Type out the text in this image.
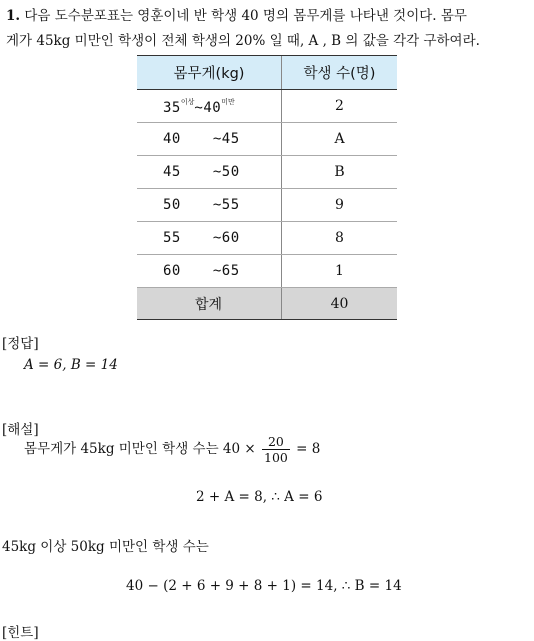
1. 다음 도수분포표는 영훈이네 반 학생 40 명의 몸무게를 나타낸 것이다. 몸무
게가 45kg 미만인 학생이 전체 학생의 20% 일 때, A , B 의 값을 각각 구하여라.
몸무게(kg)	학생 수(명)
$35^{이상}\sim 40^{미만}$	2
40 ~45	A
45 ~50	B
50 ~55	9
55 ~60	8
60 ~65	1
합계	40
[정답]
A = 6, B = 14
[해설]
몸무게가 45kg 미만인 학생 수는 $40 \times \frac{20}{100} = 8$
2 + A = 8, ∴ A = 6
45kg 이상 50kg 미만인 학생 수는
40 − (2 + 6 + 9 + 8 + 1) = 14, ∴ B = 14
[힌트]
